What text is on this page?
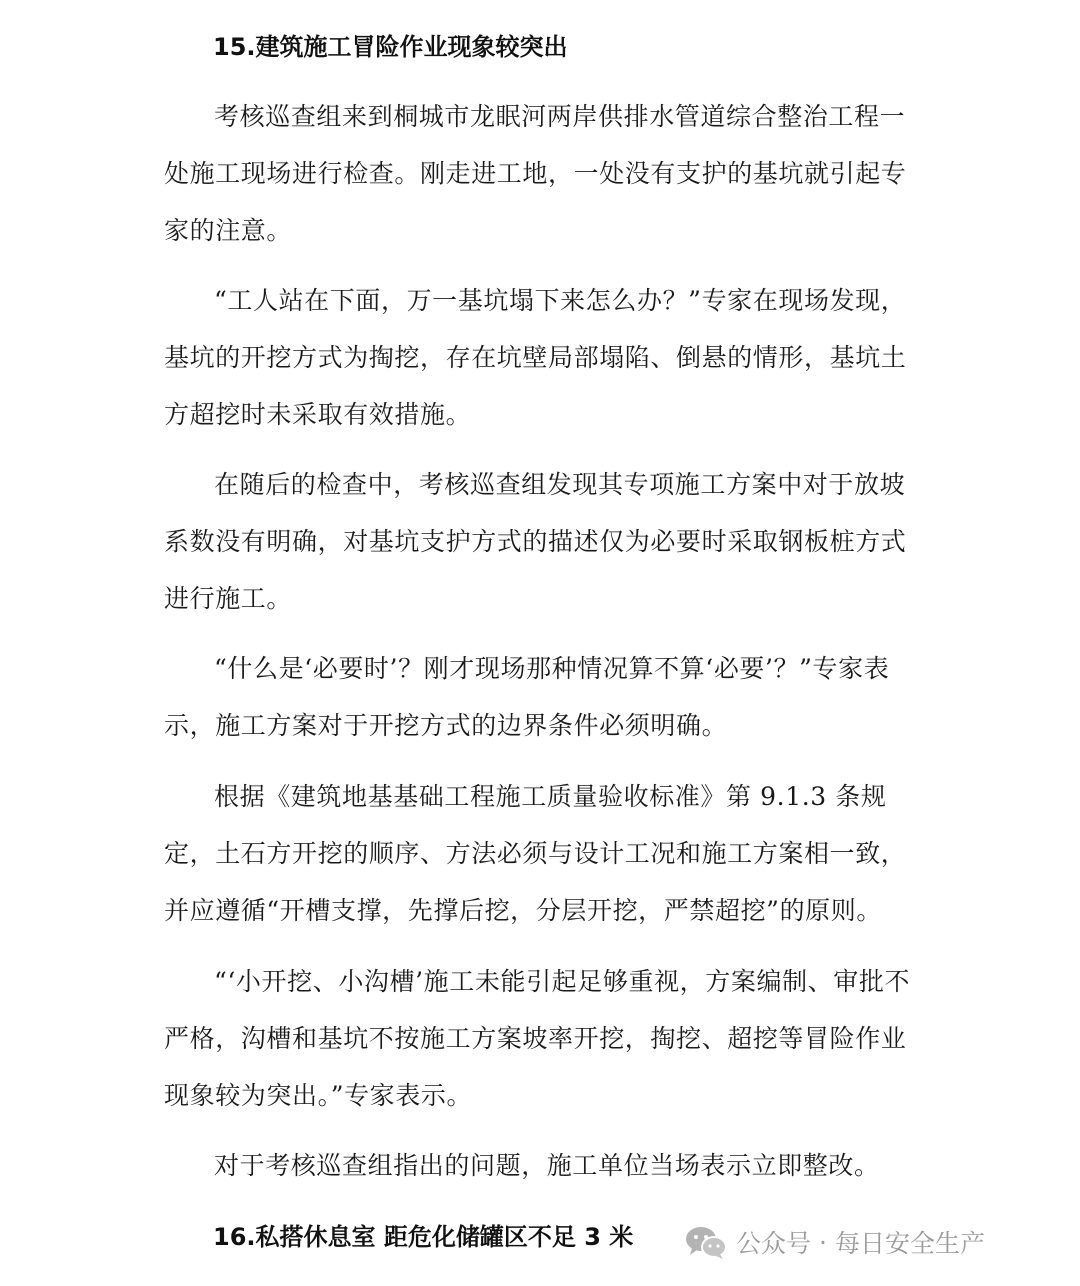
15.建筑施工冒险作业现象较突出

考核巡查组来到桐城市龙眠河两岸供排水管道综合整治工程一处施工现场进行检查。刚走进工地，一处没有支护的基坑就引起专家的注意。

“工人站在下面，万一基坑塌下来怎么办？”专家在现场发现，基坑的开挖方式为掏挖，存在坑壁局部塌陷、倒悬的情形，基坑土方超挖时未采取有效措施。

在随后的检查中，考核巡查组发现其专项施工方案中对于放坡系数没有明确，对基坑支护方式的描述仅为必要时采取钢板桩方式进行施工。

“什么是‘必要时’？刚才现场那种情况算不算‘必要’？”专家表示，施工方案对于开挖方式的边界条件必须明确。

根据《建筑地基基础工程施工质量验收标准》第 9.1.3 条规定，土石方开挖的顺序、方法必须与设计工况和施工方案相一致，并应遵循“开槽支撑，先撑后挖，分层开挖，严禁超挖”的原则。

“‘小开挖、小沟槽’施工未能引起足够重视，方案编制、审批不严格，沟槽和基坑不按施工方案坡率开挖，掏挖、超挖等冒险作业现象较为突出。”专家表示。

对于考核巡查组指出的问题，施工单位当场表示立即整改。

16.私搭休息室 距危化储罐区不足 3 米	公众号 · 每日安全生产
